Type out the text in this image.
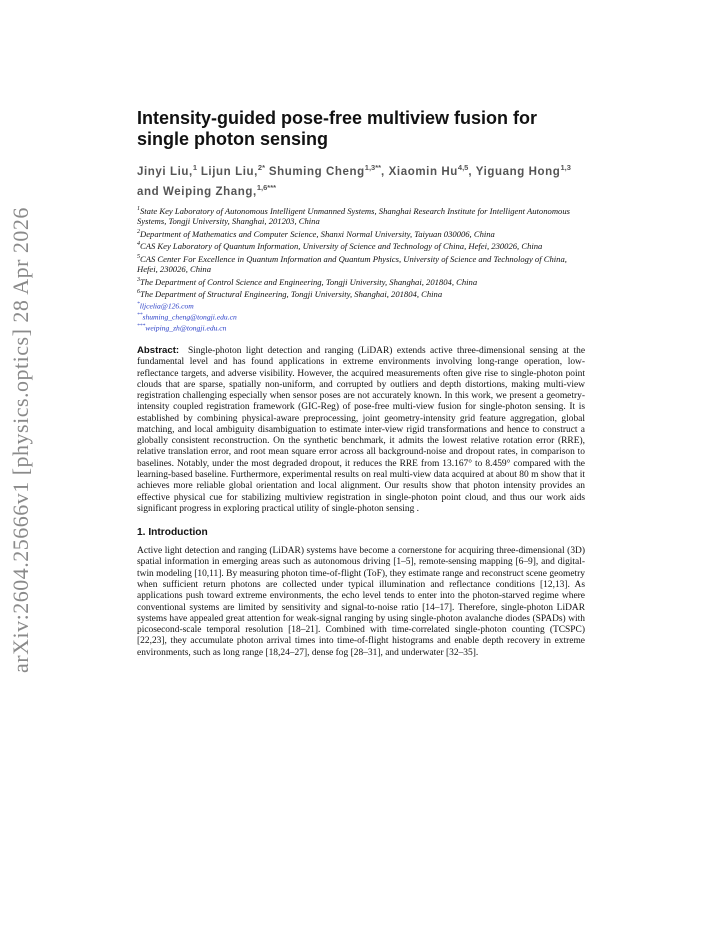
arXiv:2604.25666v1 [physics.optics] 28 Apr 2026
Intensity-guided pose-free multiview fusion for single photon sensing
Jinyi Liu,$^1$ Lijun Liu,$^{2*}$ Shuming Cheng$^{1,3**}$, Xiaomin Hu$^{4,5}$, Yiguang Hong$^{1,3}$ and Weiping Zhang,$^{1,6***}$

$^1$State Key Laboratory of Autonomous Intelligent Unmanned Systems, Shanghai Research Institute for Intelligent Autonomous Systems, Tongji University, Shanghai, 201203, China

$^2$Department of Mathematics and Computer Science, Shanxi Normal University, Taiyuan 030006, China

$^4$CAS Key Laboratory of Quantum Information, University of Science and Technology of China, Hefei, 230026, China

$^5$CAS Center For Excellence in Quantum Information and Quantum Physics, University of Science and Technology of China, Hefei, 230026, China

$^3$The Department of Control Science and Engineering, Tongji University, Shanghai, 201804, China

$^6$The Department of Structural Engineering, Tongji University, Shanghai, 201804, China

*lljcelia@126.com

**shuming_cheng@tongji.edu.cn

***weiping_zh@tongji.edu.cn

Abstract: Single-photon light detection and ranging (LiDAR) extends active three-dimensional sensing at the fundamental level and has found applications in extreme environments involving long-range operation, low-reflectance targets, and adverse visibility. However, the acquired measurements often give rise to single-photon point clouds that are sparse, spatially non-uniform, and corrupted by outliers and depth distortions, making multi-view registration challenging especially when sensor poses are not accurately known. In this work, we present a geometry-intensity coupled registration framework (GIC-Reg) of pose-free multi-view fusion for single-photon sensing. It is established by combining physical-aware preprocessing, joint geometry-intensity grid feature aggregation, global matching, and local ambiguity disambiguation to estimate inter-view rigid transformations and hence to construct a globally consistent reconstruction. On the synthetic benchmark, it admits the lowest relative rotation error (RRE), relative translation error, and root mean square error across all background-noise and dropout rates, in comparison to baselines. Notably, under the most degraded dropout, it reduces the RRE from 13.167° to 8.459° compared with the learning-based baseline. Furthermore, experimental results on real multi-view data acquired at about 80 m show that it achieves more reliable global orientation and local alignment. Our results show that photon intensity provides an effective physical cue for stabilizing multiview registration in single-photon point cloud, and thus our work aids significant progress in exploring practical utility of single-photon sensing .

1. Introduction

Active light detection and ranging (LiDAR) systems have become a cornerstone for acquiring three-dimensional (3D) spatial information in emerging areas such as autonomous driving [1–5], remote-sensing mapping [6–9], and digital-twin modeling [10,11]. By measuring photon time-of-flight (ToF), they estimate range and reconstruct scene geometry when sufficient return photons are collected under typical illumination and reflectance conditions [12,13]. As applications push toward extreme environments, the echo level tends to enter into the photon-starved regime where conventional systems are limited by sensitivity and signal-to-noise ratio [14–17]. Therefore, single-photon LiDAR systems have appealed great attention for weak-signal ranging by using single-photon avalanche diodes (SPADs) with picosecond-scale temporal resolution [18–21]. Combined with time-correlated single-photon counting (TCSPC) [22,23], they accumulate photon arrival times into time-of-flight histograms and enable depth recovery in extreme environments, such as long range [18,24–27], dense fog [28–31], and underwater [32–35].
